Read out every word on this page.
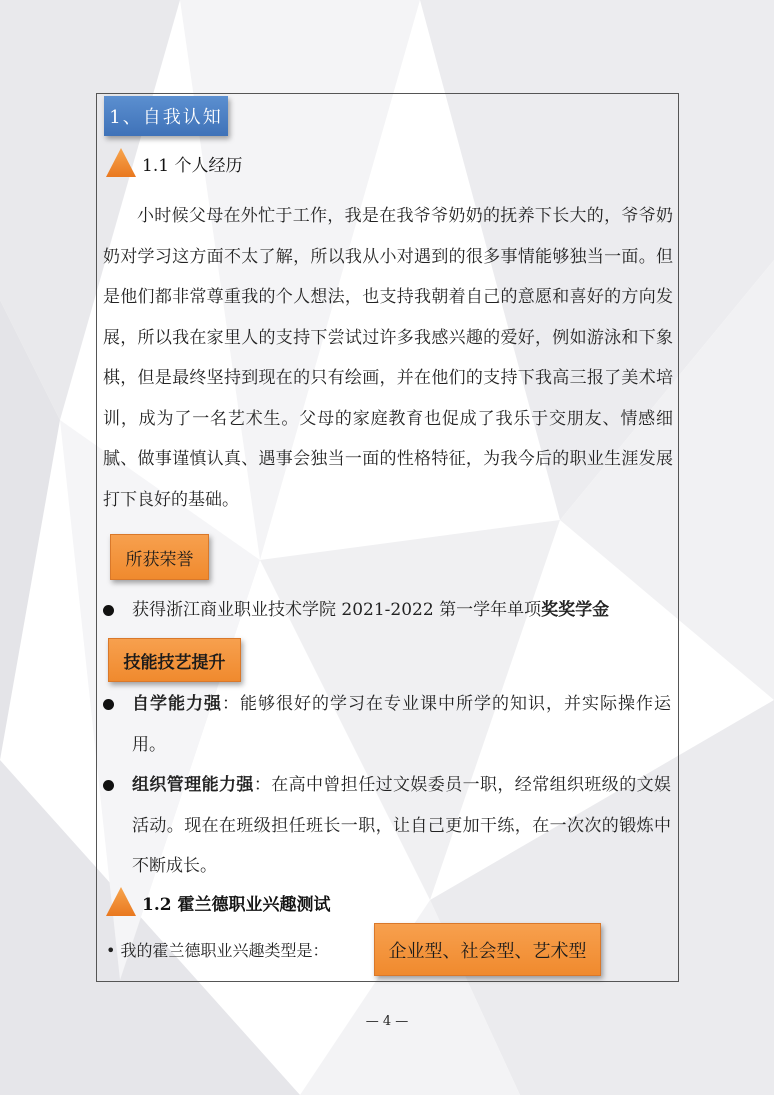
1、自我认知
1.1 个人经历

小时候父母在外忙于工作，我是在我爷爷奶奶的抚养下长大的，爷爷奶奶对学习这方面不太了解，所以我从小对遇到的很多事情能够独当一面。但是他们都非常尊重我的个人想法，也支持我朝着自己的意愿和喜好的方向发展，所以我在家里人的支持下尝试过许多我感兴趣的爱好，例如游泳和下象棋，但是最终坚持到现在的只有绘画，并在他们的支持下我高三报了美术培训，成为了一名艺术生。父母的家庭教育也促成了我乐于交朋友、情感细腻、做事谨慎认真、遇事会独当一面的性格特征，为我今后的职业生涯发展打下良好的基础。

所获荣誉
获得浙江商业职业技术学院 2021-2022 第一学年单项奖奖学金
技能技艺提升
自学能力强：能够很好的学习在专业课中所学的知识，并实际操作运用。
组织管理能力强：在高中曾担任过文娱委员一职，经常组织班级的文娱活动。现在在班级担任班长一职，让自己更加干练，在一次次的锻炼中不断成长。
1.2 霍兰德职业兴趣测试
• 我的霍兰德职业兴趣类型是：	企业型、社会型、艺术型
— 4 —
